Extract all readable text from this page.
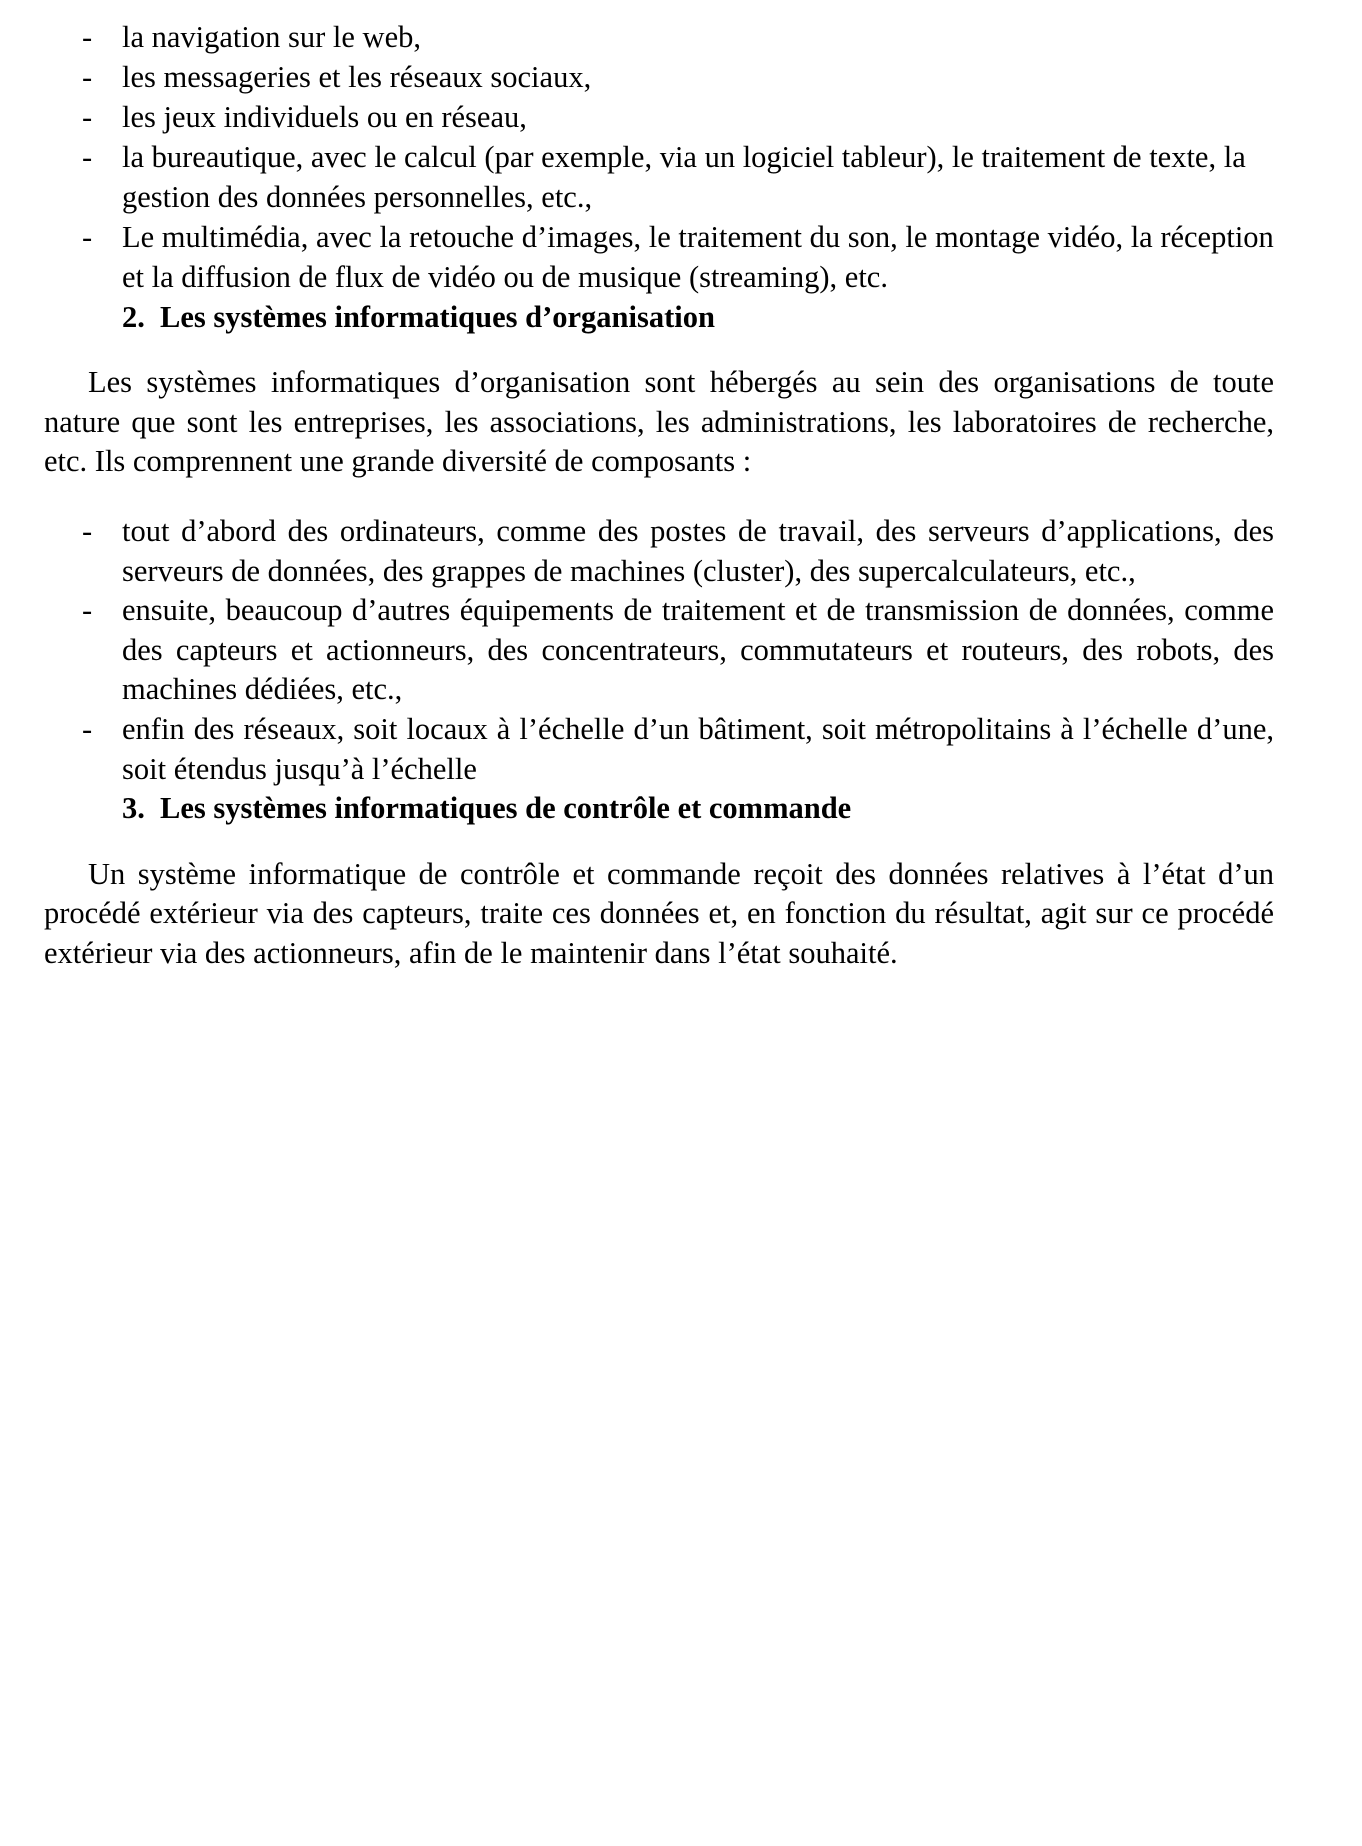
- la navigation sur le web,
- les messageries et les réseaux sociaux,
- les jeux individuels ou en réseau,
- la bureautique, avec le calcul (par exemple, via un logiciel tableur), le traitement de texte, la gestion des données personnelles, etc.,
- Le multimédia, avec la retouche d’images, le traitement du son, le montage vidéo, la réception et la diffusion de flux de vidéo ou de musique (streaming), etc.
2. Les systèmes informatiques d’organisation

Les systèmes informatiques d’organisation sont hébergés au sein des organisations de toute nature que sont les entreprises, les associations, les administrations, les laboratoires de recherche, etc. Ils comprennent une grande diversité de composants :

- tout d’abord des ordinateurs, comme des postes de travail, des serveurs d’applications, des serveurs de données, des grappes de machines (cluster), des supercalculateurs, etc.,
- ensuite, beaucoup d’autres équipements de traitement et de transmission de données, comme des capteurs et actionneurs, des concentrateurs, commutateurs et routeurs, des robots, des machines dédiées, etc.,
- enfin des réseaux, soit locaux à l’échelle d’un bâtiment, soit métropolitains à l’échelle d’une, soit étendus jusqu’à l’échelle
3. Les systèmes informatiques de contrôle et commande

Un système informatique de contrôle et commande reçoit des données relatives à l’état d’un procédé extérieur via des capteurs, traite ces données et, en fonction du résultat, agit sur ce procédé extérieur via des actionneurs, afin de le maintenir dans l’état souhaité.
